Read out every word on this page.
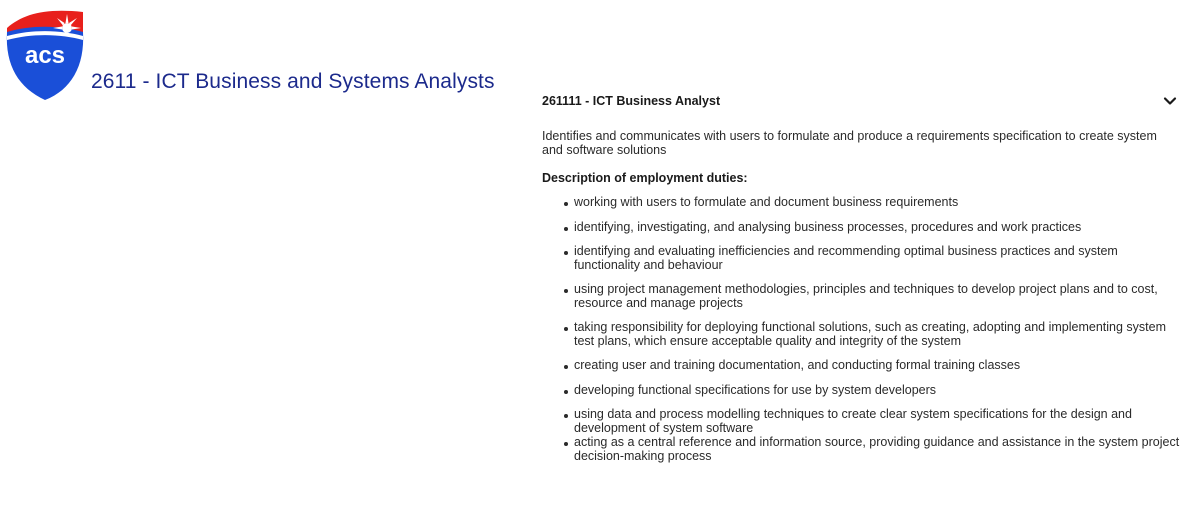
acs
2611 - ICT Business and Systems Analysts
261111 - ICT Business Analyst

Identifies and communicates with users to formulate and produce a requirements specification to create system and software solutions

Description of employment duties:

working with users to formulate and document business requirements
identifying, investigating, and analysing business processes, procedures and work practices
identifying and evaluating inefficiencies and recommending optimal business practices and system functionality and behaviour
using project management methodologies, principles and techniques to develop project plans and to cost, resource and manage projects
taking responsibility for deploying functional solutions, such as creating, adopting and implementing system test plans, which ensure acceptable quality and integrity of the system
creating user and training documentation, and conducting formal training classes
developing functional specifications for use by system developers
using data and process modelling techniques to create clear system specifications for the design and development of system software
acting as a central reference and information source, providing guidance and assistance in the system project decision-making process
